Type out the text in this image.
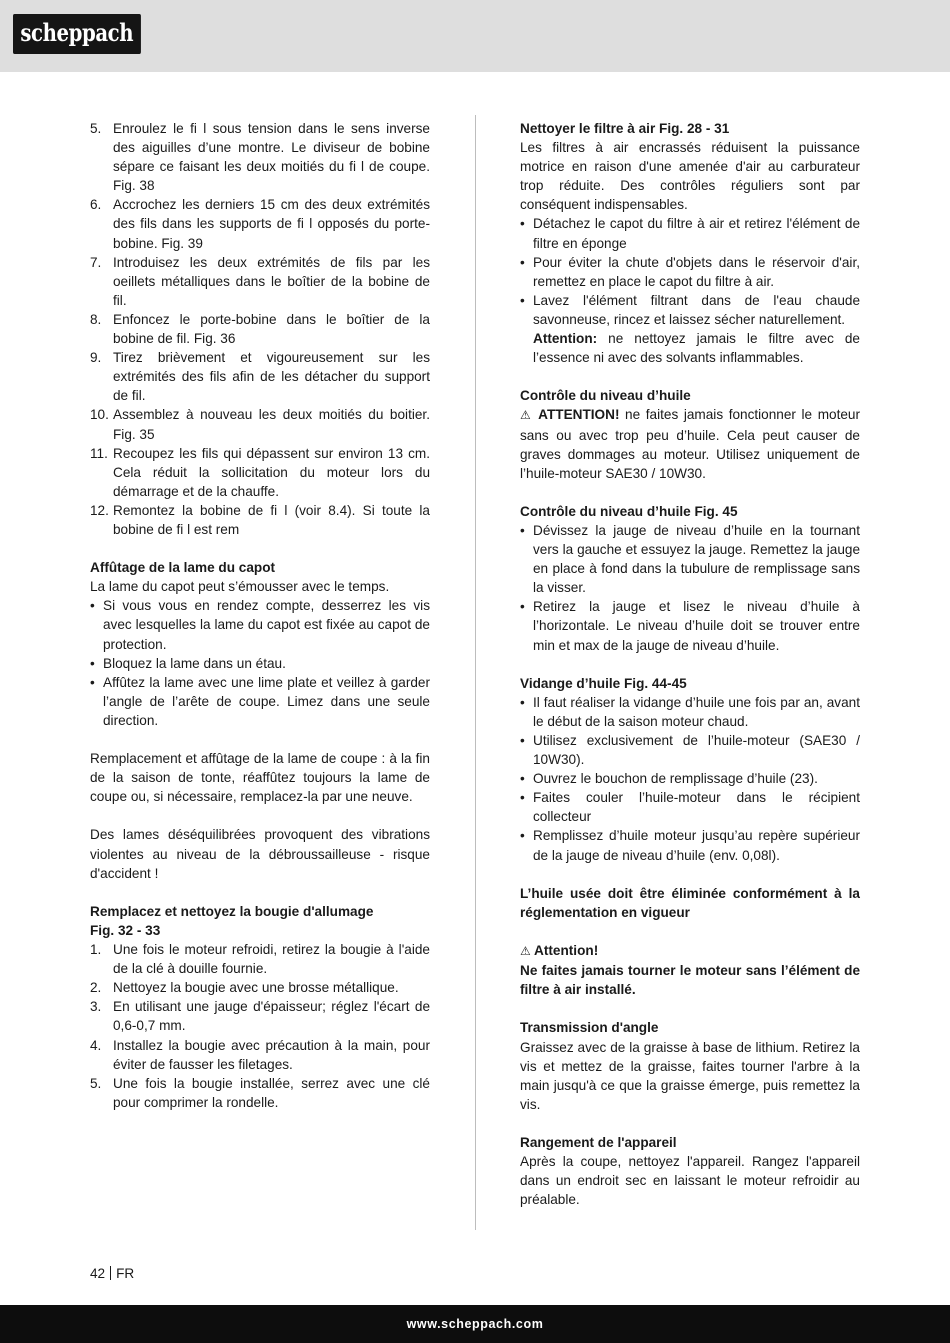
scheppach
5. Enroulez le fi l sous tension dans le sens inverse des aiguilles d’une montre. Le diviseur de bobine sépare ce faisant les deux moitiés du fi l de coupe. Fig. 38
6. Accrochez les derniers 15 cm des deux extrémités des fils dans les supports de fi l opposés du porte-bobine. Fig. 39
7. Introduisez les deux extrémités de fils par les oeillets métalliques dans le boîtier de la bobine de fil.
8. Enfoncez le porte-bobine dans le boîtier de la bobine de fil. Fig. 36
9. Tirez brièvement et vigoureusement sur les extrémités des fils afin de les détacher du support de fil.
10. Assemblez à nouveau les deux moitiés du boitier. Fig. 35
11. Recoupez les fils qui dépassent sur environ 13 cm. Cela réduit la sollicitation du moteur lors du démarrage et de la chauffe.
12. Remontez la bobine de fi l (voir 8.4). Si toute la bobine de fi l est rem
Affûtage de la lame du capot
La lame du capot peut s’émousser avec le temps.
• Si vous vous en rendez compte, desserrez les vis avec lesquelles la lame du capot est fixée au capot de protection.
• Bloquez la lame dans un étau.
• Affûtez la lame avec une lime plate et veillez à garder l’angle de l’arête de coupe. Limez dans une seule direction.
Remplacement et affûtage de la lame de coupe : à la fin de la saison de tonte, réaffûtez toujours la lame de coupe ou, si nécessaire, remplacez-la par une neuve.
Des lames déséquilibrées provoquent des vibrations violentes au niveau de la débroussailleuse - risque d'accident !
Remplacez et nettoyez la bougie d'allumage
Fig. 32 - 33
1. Une fois le moteur refroidi, retirez la bougie à l'aide de la clé à douille fournie.
2. Nettoyez la bougie avec une brosse métallique.
3. En utilisant une jauge d'épaisseur; réglez l'écart de 0,6-0,7 mm.
4. Installez la bougie avec précaution à la main, pour éviter de fausser les filetages.
5. Une fois la bougie installée, serrez avec une clé pour comprimer la rondelle.
Nettoyer le filtre à air Fig. 28 - 31
Les filtres à air encrassés réduisent la puissance motrice en raison d'une amenée d'air au carburateur trop réduite. Des contrôles réguliers sont par conséquent indispensables.
• Détachez le capot du filtre à air et retirez l'élément de filtre en éponge
• Pour éviter la chute d'objets dans le réservoir d'air, remettez en place le capot du filtre à air.
• Lavez l'élément filtrant dans de l'eau chaude savonneuse, rincez et laissez sécher naturellement.
Attention: ne nettoyez jamais le filtre avec de l’essence ni avec des solvants inflammables.
Contrôle du niveau d’huile
⚠ ATTENTION! ne faites jamais fonctionner le moteur sans ou avec trop peu d’huile. Cela peut causer de graves dommages au moteur. Utilisez uniquement de l’huile-moteur SAE30 / 10W30.
Contrôle du niveau d’huile Fig. 45
• Dévissez la jauge de niveau d’huile en la tournant vers la gauche et essuyez la jauge. Remettez la jauge en place à fond dans la tubulure de remplissage sans la visser.
• Retirez la jauge et lisez le niveau d’huile à l’horizontale. Le niveau d’huile doit se trouver entre min et max de la jauge de niveau d’huile.
Vidange d’huile Fig. 44-45
• Il faut réaliser la vidange d’huile une fois par an, avant le début de la saison moteur chaud.
• Utilisez exclusivement de l’huile-moteur (SAE30 / 10W30).
• Ouvrez le bouchon de remplissage d’huile (23).
• Faites couler l’huile-moteur dans le récipient collecteur
• Remplissez d’huile moteur jusqu’au repère supérieur de la jauge de niveau d’huile (env. 0,08l).
L’huile usée doit être éliminée conformément à la réglementation en vigueur
⚠ Attention!
Ne faites jamais tourner le moteur sans l’élément de filtre à air installé.
Transmission d'angle
Graissez avec de la graisse à base de lithium. Retirez la vis et mettez de la graisse, faites tourner l'arbre à la main jusqu'à ce que la graisse émerge, puis remettez la vis.
Rangement de l'appareil
Après la coupe, nettoyez l'appareil. Rangez l'appareil dans un endroit sec en laissant le moteur refroidir au préalable.
42 FR
www.scheppach.com
